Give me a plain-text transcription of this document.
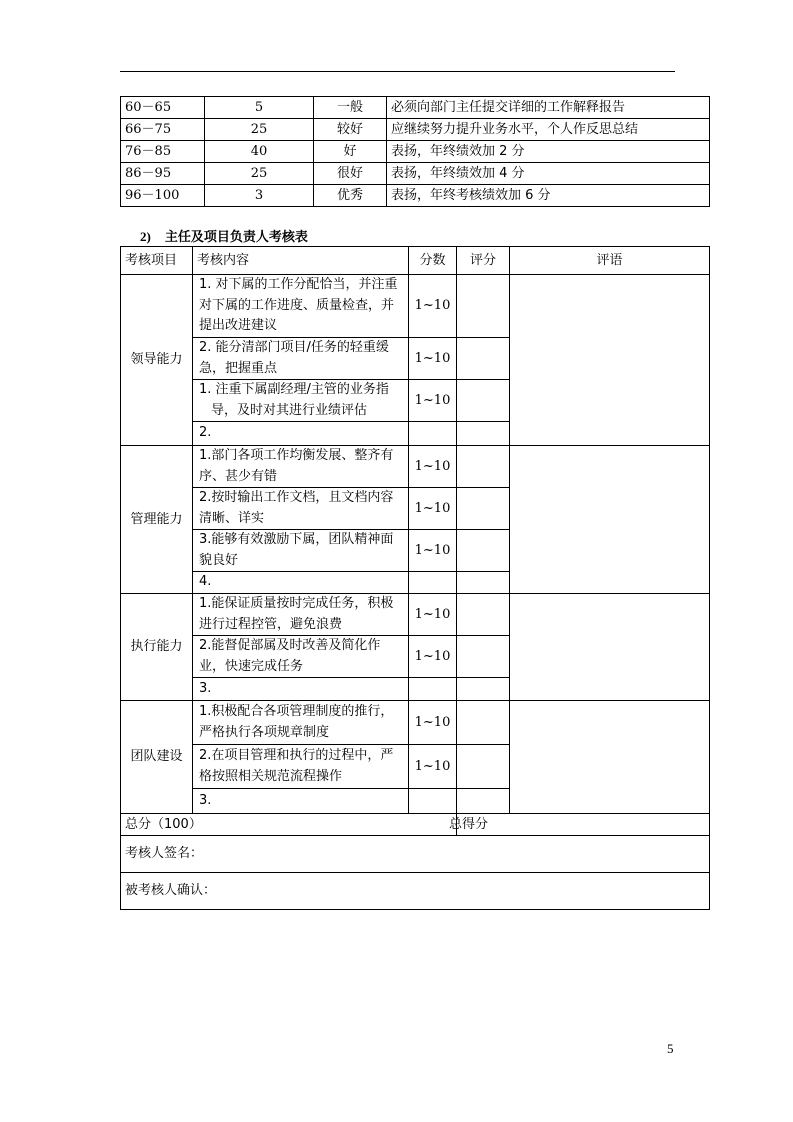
60－65	5	一般	必须向部门主任提交详细的工作解释报告
66－75	25	较好	应继续努力提升业务水平，个人作反思总结
76－85	40	好	表扬，年终绩效加 2 分
86－95	25	很好	表扬，年终绩效加 4 分
96－100	3	优秀	表扬，年终考核绩效加 6 分
2) 主任及项目负责人考核表
考核项目	考核内容	分数	评分	评语
领导能力	1. 对下属的工作分配恰当，并注重对下属的工作进度、质量检查，并提出改进建议	1~10		
	2. 能分清部门项目/任务的轻重缓急，把握重点	1~10		
	1. 注重下属副经理/主管的业务指导，及时对其进行业绩评估	1~10		
	2.			
管理能力	1.部门各项工作均衡发展、整齐有序、甚少有错	1~10		
	2.按时输出工作文档，且文档内容清晰、详实	1~10		
	3.能够有效激励下属，团队精神面貌良好	1~10		
	4.			
执行能力	1.能保证质量按时完成任务，积极进行过程控管，避免浪费	1~10		
	2.能督促部属及时改善及简化作业，快速完成任务	1~10		
	3.			
团队建设	1.积极配合各项管理制度的推行，严格执行各项规章制度	1~10		
	2.在项目管理和执行的过程中，严格按照相关规范流程操作	1~10		
	3.			
总分（100）			总得分	
考核人签名：				
被考核人确认：				
5
